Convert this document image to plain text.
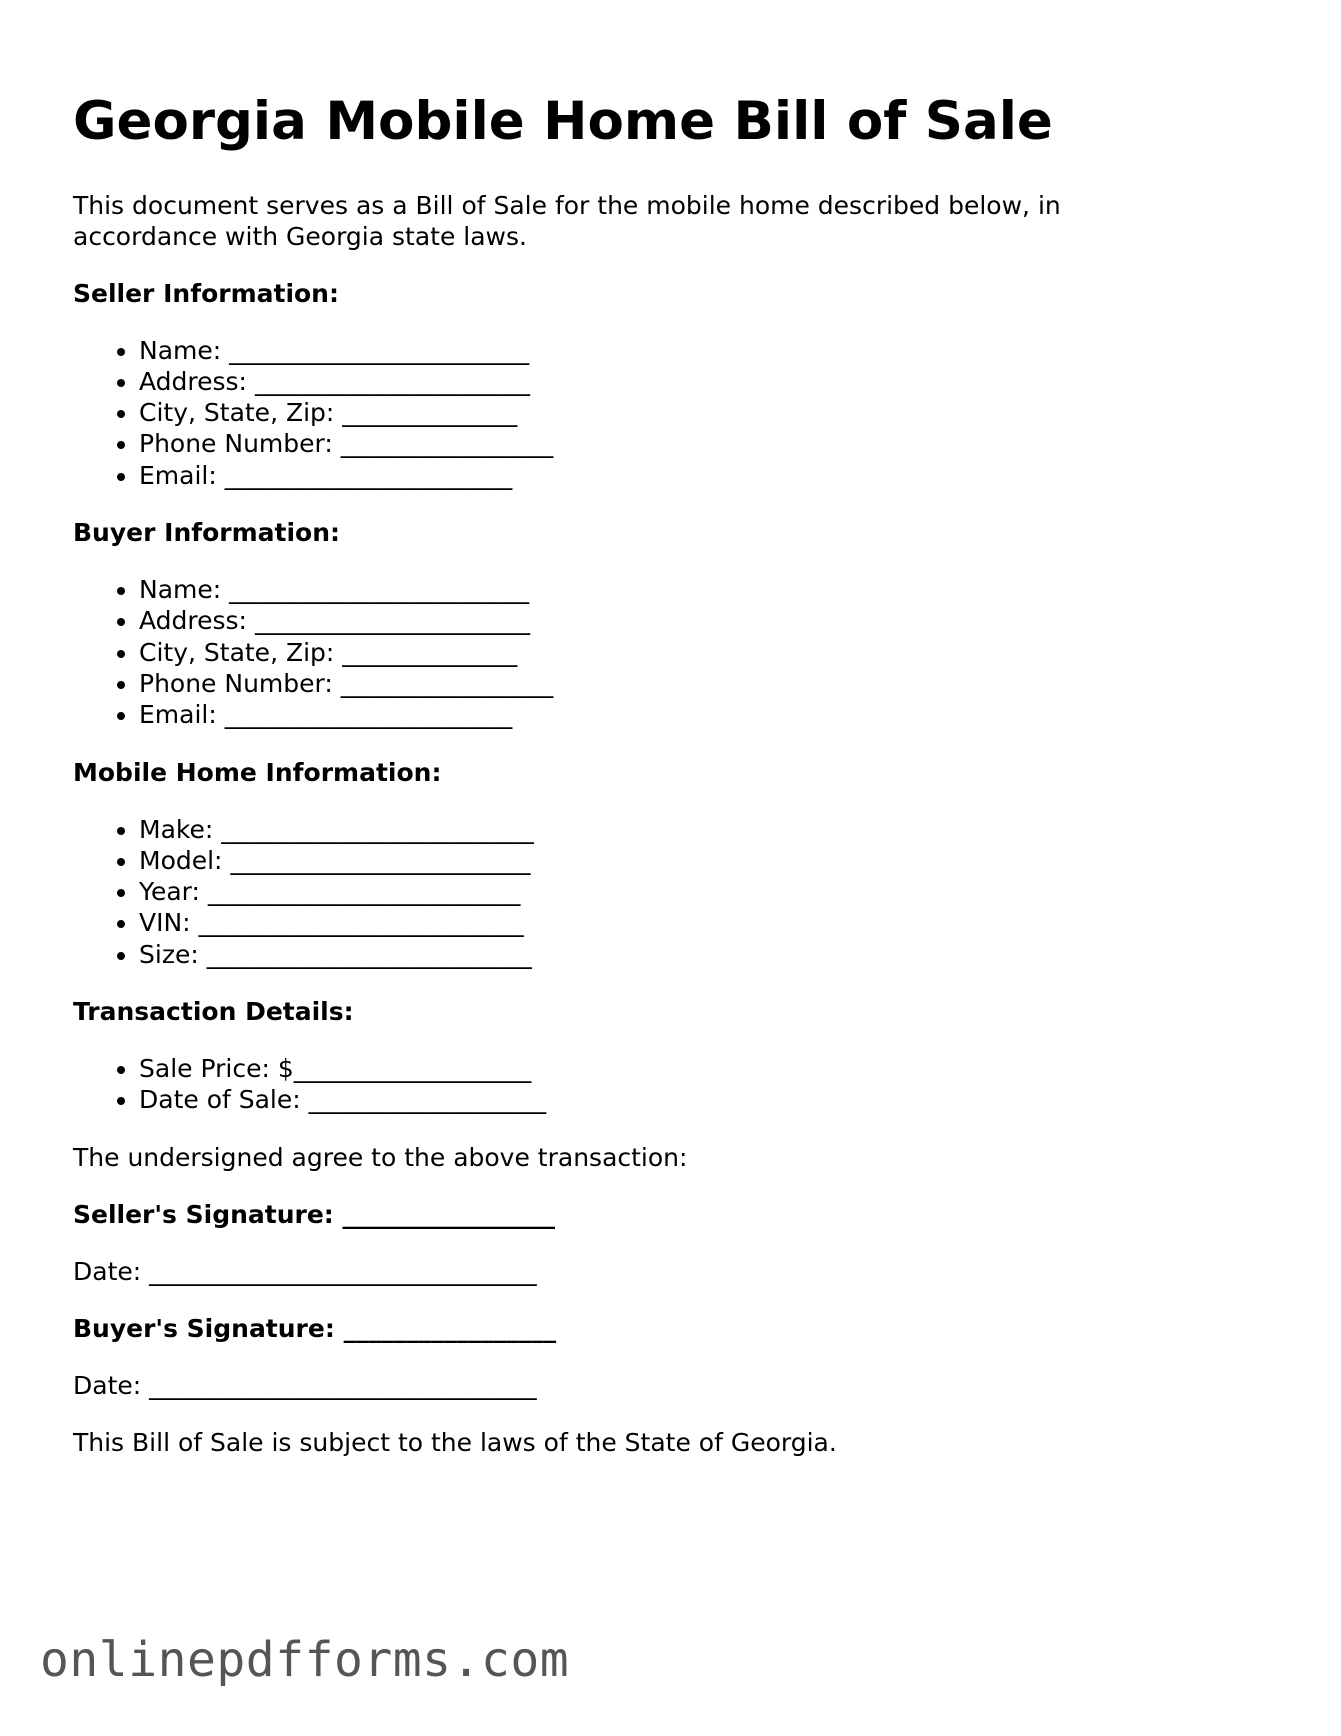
Georgia Mobile Home Bill of Sale

This document serves as a Bill of Sale for the mobile home described below, in accordance with Georgia state laws.

Seller Information:
• Name: ________________________
• Address: ______________________
• City, State, Zip: ______________
• Phone Number: _________________
• Email: _______________________
Buyer Information:
• Name: ________________________
• Address: ______________________
• City, State, Zip: ______________
• Phone Number: _________________
• Email: _______________________
Mobile Home Information:
• Make: _________________________
• Model: ________________________
• Year: _________________________
• VIN: __________________________
• Size: __________________________
Transaction Details:
• Sale Price: $___________________
• Date of Sale: ___________________

The undersigned agree to the above transaction:

Seller's Signature: _________________
Date: _______________________________
Buyer's Signature: _________________
Date: _______________________________

This Bill of Sale is subject to the laws of the State of Georgia.

onlinepdfforms.com
